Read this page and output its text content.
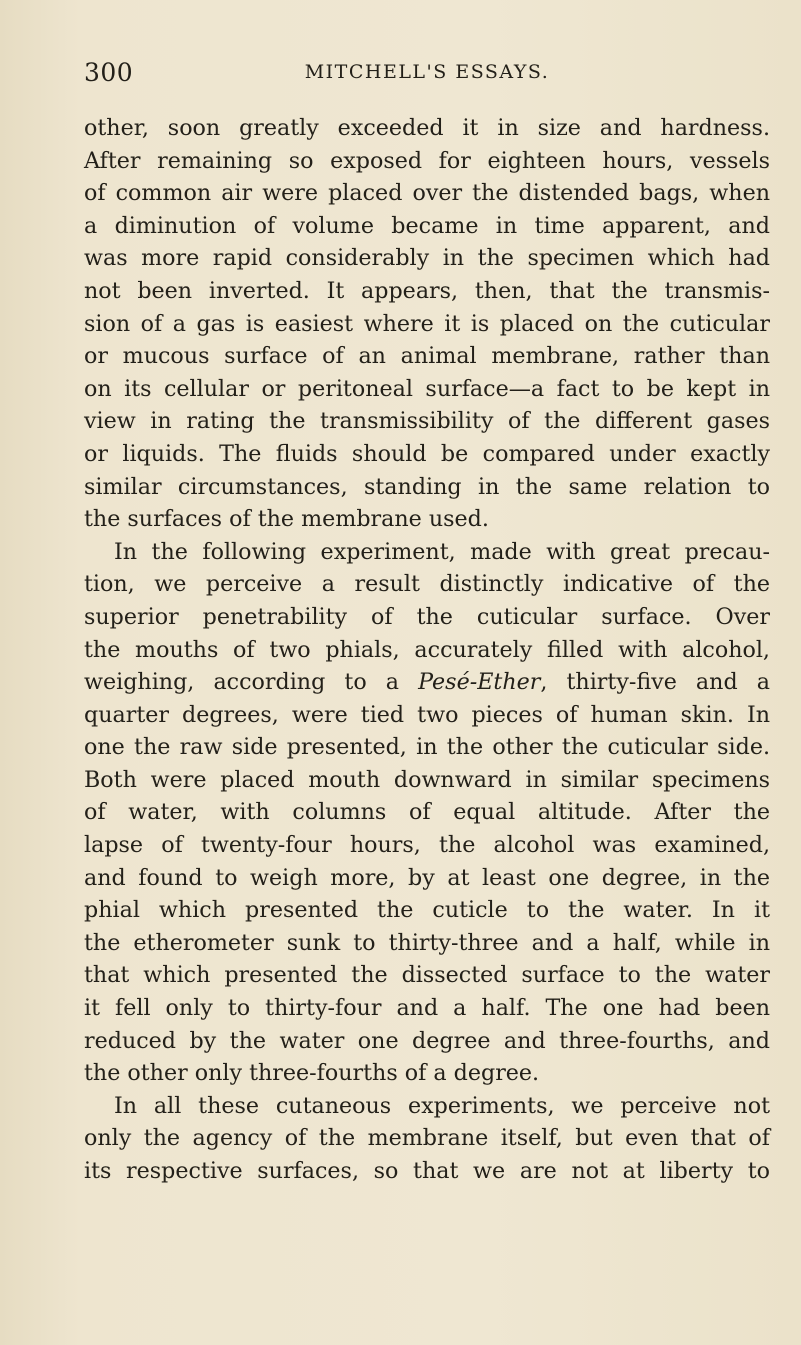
300	MITCHELL'S ESSAYS.
other, soon greatly exceeded it in size and hardness.
After remaining so exposed for eighteen hours, vessels
of common air were placed over the distended bags, when
a diminution of volume became in time apparent, and
was more rapid considerably in the specimen which had
not been inverted. It appears, then, that the transmis-
sion of a gas is easiest where it is placed on the cuticular
or mucous surface of an animal membrane, rather than
on its cellular or peritoneal surface—a fact to be kept in
view in rating the transmissibility of the different gases
or liquids. The fluids should be compared under exactly
similar circumstances, standing in the same relation to
the surfaces of the membrane used.
In the following experiment, made with great precau-
tion, we perceive a result distinctly indicative of the
superior penetrability of the cuticular surface. Over
the mouths of two phials, accurately filled with alcohol,
weighing, according to a Pesé-Ether, thirty-five and a
quarter degrees, were tied two pieces of human skin. In
one the raw side presented, in the other the cuticular side.
Both were placed mouth downward in similar specimens
of water, with columns of equal altitude. After the
lapse of twenty-four hours, the alcohol was examined,
and found to weigh more, by at least one degree, in the
phial which presented the cuticle to the water. In it
the etherometer sunk to thirty-three and a half, while in
that which presented the dissected surface to the water
it fell only to thirty-four and a half. The one had been
reduced by the water one degree and three-fourths, and
the other only three-fourths of a degree.
In all these cutaneous experiments, we perceive not
only the agency of the membrane itself, but even that of
its respective surfaces, so that we are not at liberty to
